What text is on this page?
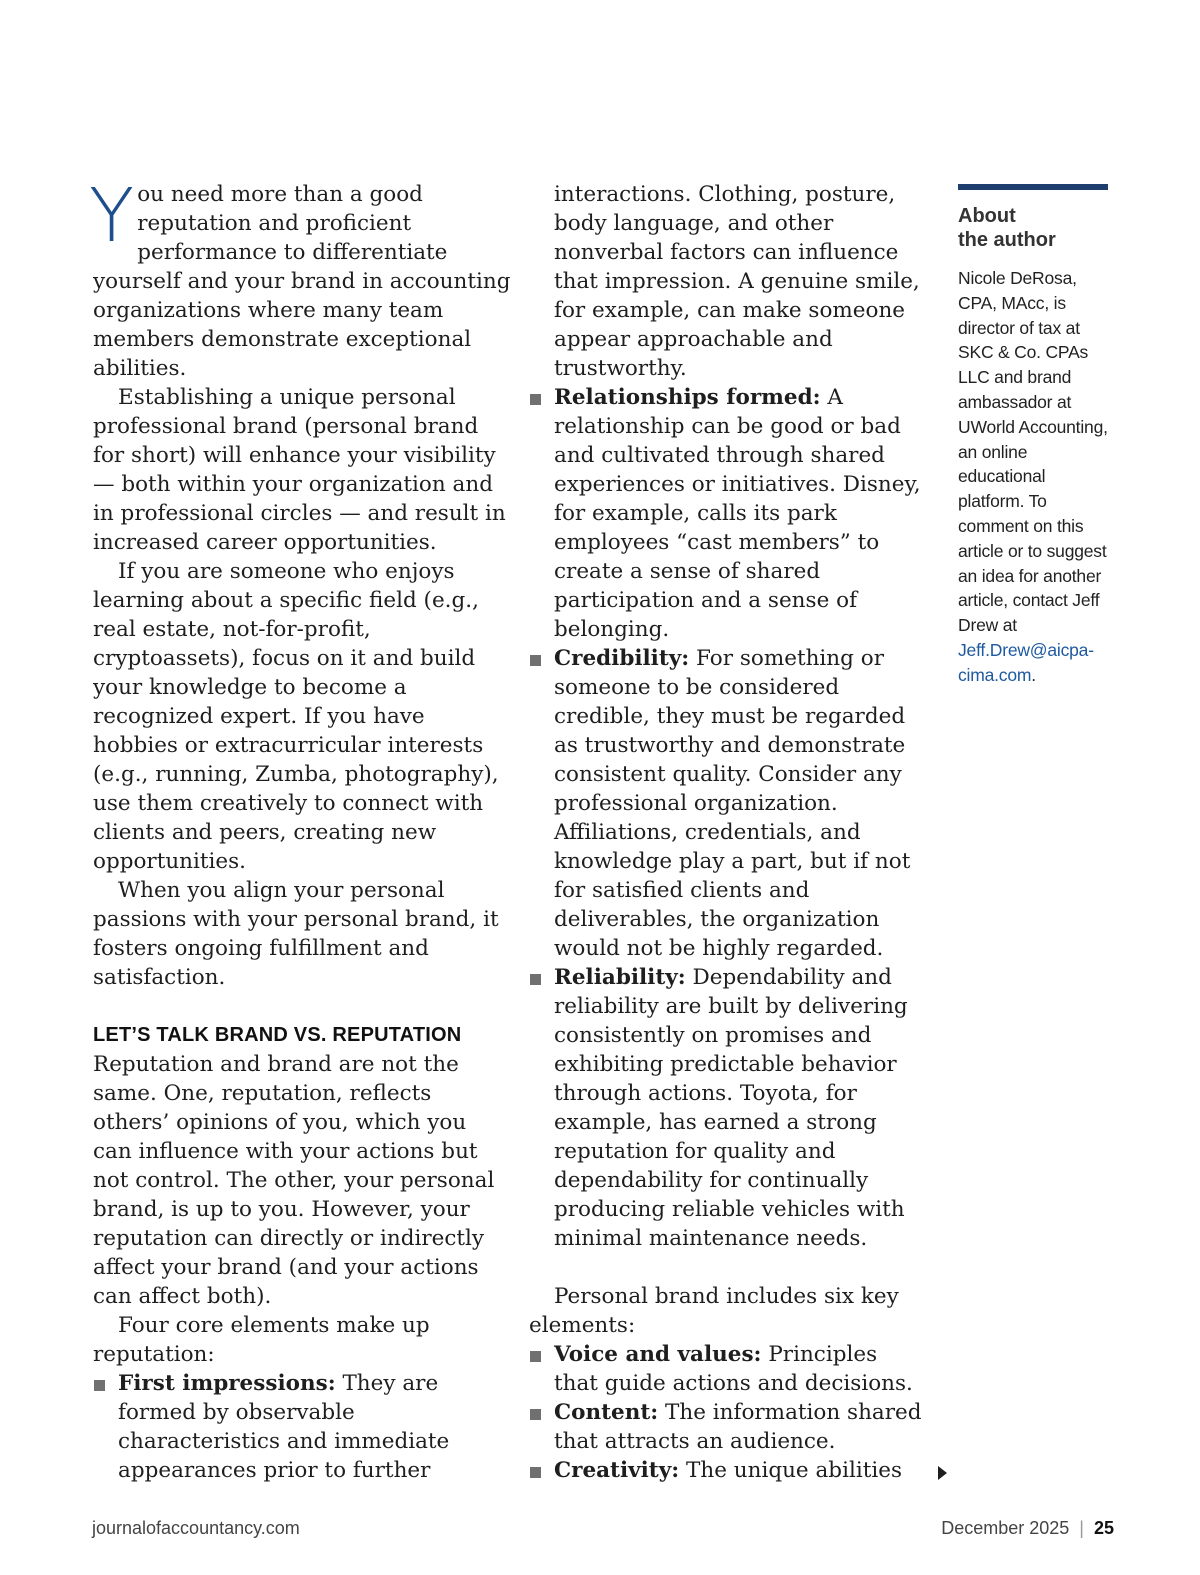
You need more than a good reputation and proficient performance to differentiate yourself and your brand in accounting organizations where many team members demonstrate exceptional abilities.

Establishing a unique personal professional brand (personal brand for short) will enhance your visibility — both within your organization and in professional circles — and result in increased career opportunities.

If you are someone who enjoys learning about a specific field (e.g., real estate, not-for-profit, cryptoassets), focus on it and build your knowledge to become a recognized expert. If you have hobbies or extracurricular interests (e.g., running, Zumba, photography), use them creatively to connect with clients and peers, creating new opportunities.

When you align your personal passions with your personal brand, it fosters ongoing fulfillment and satisfaction.

LET’S TALK BRAND VS. REPUTATION

Reputation and brand are not the same. One, reputation, reflects others’ opinions of you, which you can influence with your actions but not control. The other, your personal brand, is up to you. However, your reputation can directly or indirectly affect your brand (and your actions can affect both).

Four core elements make up reputation:

First impressions: They are formed by observable characteristics and immediate appearances prior to further
interactions. Clothing, posture, body language, and other nonverbal factors can influence that impression. A genuine smile, for example, can make someone appear approachable and trustworthy.
Relationships formed: A relationship can be good or bad and cultivated through shared experiences or initiatives. Disney, for example, calls its park employees “cast members” to create a sense of shared participation and a sense of belonging.
Credibility: For something or someone to be considered credible, they must be regarded as trustworthy and demonstrate consistent quality. Consider any professional organization. Affiliations, credentials, and knowledge play a part, but if not for satisfied clients and deliverables, the organization would not be highly regarded.
Reliability: Dependability and reliability are built by delivering consistently on promises and exhibiting predictable behavior through actions. Toyota, for example, has earned a strong reputation for quality and dependability for continually producing reliable vehicles with minimal maintenance needs.

Personal brand includes six key elements:

Voice and values: Principles that guide actions and decisions.
Content: The information shared that attracts an audience.
Creativity: The unique abilities
About
the author
Nicole DeRosa, CPA, MAcc, is director of tax at SKC & Co. CPAs LLC and brand ambassador at UWorld Accounting, an online educational platform. To comment on this article or to suggest an idea for another article, contact Jeff Drew at Jeff.Drew@aicpa-cima.com.
journalofaccountancy.com	December 2025 | 25
